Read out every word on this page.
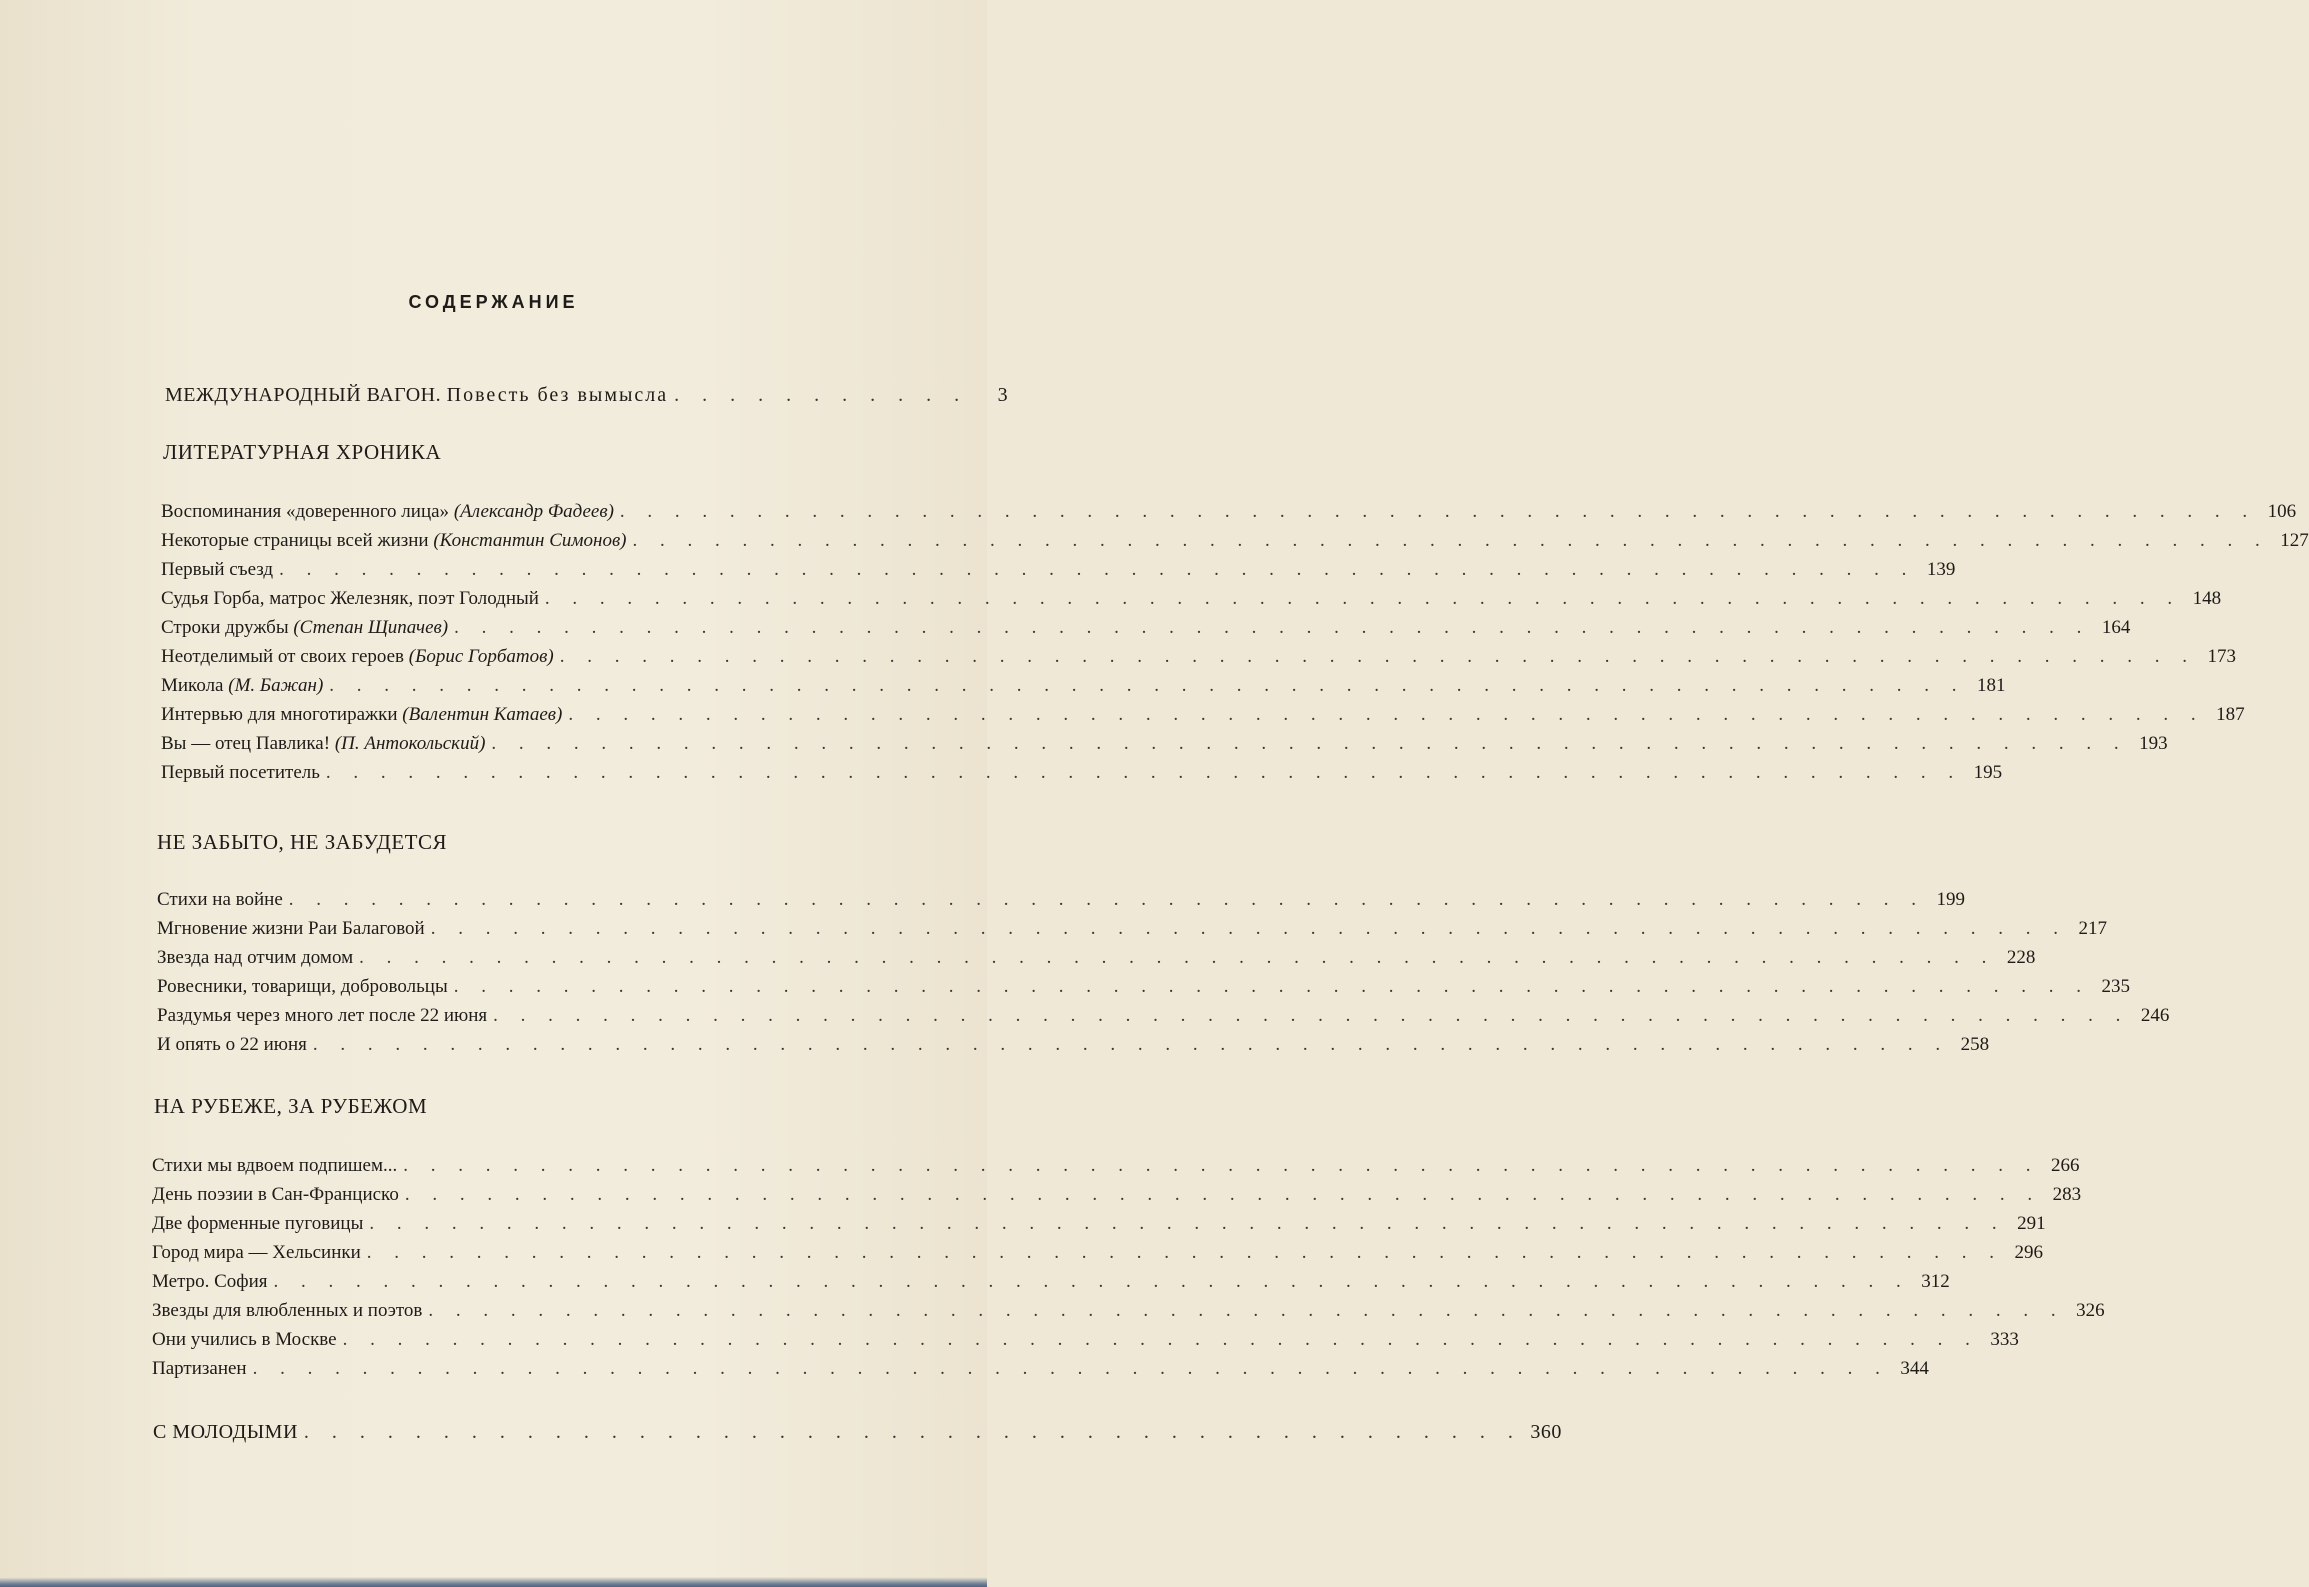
СОДЕРЖАНИЕ
МЕЖДУНАРОДНЫЙ ВАГОН. Повесть без вымысла . . . . . . . . . . .	3
ЛИТЕРАТУРНАЯ ХРОНИКА
Воспоминания «доверенного лица» (Александр Фадеев) . . . . . . . . . . . . . . . . . . . . . . . . . . . . . . . . . . . . . . . . . . . . . . . . . . . . . . . . . . . . 106
Некоторые страницы всей жизни (Константин Симонов) . . . . . . . . . . . . . . . . . . . . . . . . . . . . . . . . . . . . . . . . . . . . . . . . . . . . . . . . . . . . 127
Первый съезд . . . . . . . . . . . . . . . . . . . . . . . . . . . . . . . . . . . . . . . . . . . . . . . . . . . . . . . . . . . . 139
Судья Горба, матрос Железняк, поэт Голодный . . . . . . . . . . . . . . . . . . . . . . . . . . . . . . . . . . . . . . . . . . . . . . . . . . . . . . . . . . . . 148
Строки дружбы (Степан Щипачев) . . . . . . . . . . . . . . . . . . . . . . . . . . . . . . . . . . . . . . . . . . . . . . . . . . . . . . . . . . . . 164
Неотделимый от своих героев (Борис Горбатов) . . . . . . . . . . . . . . . . . . . . . . . . . . . . . . . . . . . . . . . . . . . . . . . . . . . . . . . . . . . . 173
Микола (М. Бажан) . . . . . . . . . . . . . . . . . . . . . . . . . . . . . . . . . . . . . . . . . . . . . . . . . . . . . . . . . . . . 181
Интервью для многотиражки (Валентин Катаев) . . . . . . . . . . . . . . . . . . . . . . . . . . . . . . . . . . . . . . . . . . . . . . . . . . . . . . . . . . . . 187
Вы — отец Павлика! (П. Антокольский) . . . . . . . . . . . . . . . . . . . . . . . . . . . . . . . . . . . . . . . . . . . . . . . . . . . . . . . . . . . . 193
Первый посетитель . . . . . . . . . . . . . . . . . . . . . . . . . . . . . . . . . . . . . . . . . . . . . . . . . . . . . . . . . . . . 195
НЕ ЗАБЫТО, НЕ ЗАБУДЕТСЯ
Стихи на войне . . . . . . . . . . . . . . . . . . . . . . . . . . . . . . . . . . . . . . . . . . . . . . . . . . . . . . . . . . . . 199
Мгновение жизни Раи Балаговой . . . . . . . . . . . . . . . . . . . . . . . . . . . . . . . . . . . . . . . . . . . . . . . . . . . . . . . . . . . . 217
Звезда над отчим домом . . . . . . . . . . . . . . . . . . . . . . . . . . . . . . . . . . . . . . . . . . . . . . . . . . . . . . . . . . . . 228
Ровесники, товарищи, добровольцы . . . . . . . . . . . . . . . . . . . . . . . . . . . . . . . . . . . . . . . . . . . . . . . . . . . . . . . . . . . . 235
Раздумья через много лет после 22 июня . . . . . . . . . . . . . . . . . . . . . . . . . . . . . . . . . . . . . . . . . . . . . . . . . . . . . . . . . . . . 246
И опять о 22 июня . . . . . . . . . . . . . . . . . . . . . . . . . . . . . . . . . . . . . . . . . . . . . . . . . . . . . . . . . . . . 258
НА РУБЕЖЕ, ЗА РУБЕЖОМ
Стихи мы вдвоем подпишем... . . . . . . . . . . . . . . . . . . . . . . . . . . . . . . . . . . . . . . . . . . . . . . . . . . . . . . . . . . . . 266
День поэзии в Сан-Франциско . . . . . . . . . . . . . . . . . . . . . . . . . . . . . . . . . . . . . . . . . . . . . . . . . . . . . . . . . . . . 283
Две форменные пуговицы . . . . . . . . . . . . . . . . . . . . . . . . . . . . . . . . . . . . . . . . . . . . . . . . . . . . . . . . . . . . 291
Город мира — Хельсинки . . . . . . . . . . . . . . . . . . . . . . . . . . . . . . . . . . . . . . . . . . . . . . . . . . . . . . . . . . . . 296
Метро. София . . . . . . . . . . . . . . . . . . . . . . . . . . . . . . . . . . . . . . . . . . . . . . . . . . . . . . . . . . . . 312
Звезды для влюбленных и поэтов . . . . . . . . . . . . . . . . . . . . . . . . . . . . . . . . . . . . . . . . . . . . . . . . . . . . . . . . . . . . 326
Они учились в Москве . . . . . . . . . . . . . . . . . . . . . . . . . . . . . . . . . . . . . . . . . . . . . . . . . . . . . . . . . . . . 333
Партизанен . . . . . . . . . . . . . . . . . . . . . . . . . . . . . . . . . . . . . . . . . . . . . . . . . . . . . . . . . . . . 344
С МОЛОДЫМИ . . . . . . . . . . . . . . . . . . . . . . . . . . . . . . . . . . . . . . . . . . . . 360
